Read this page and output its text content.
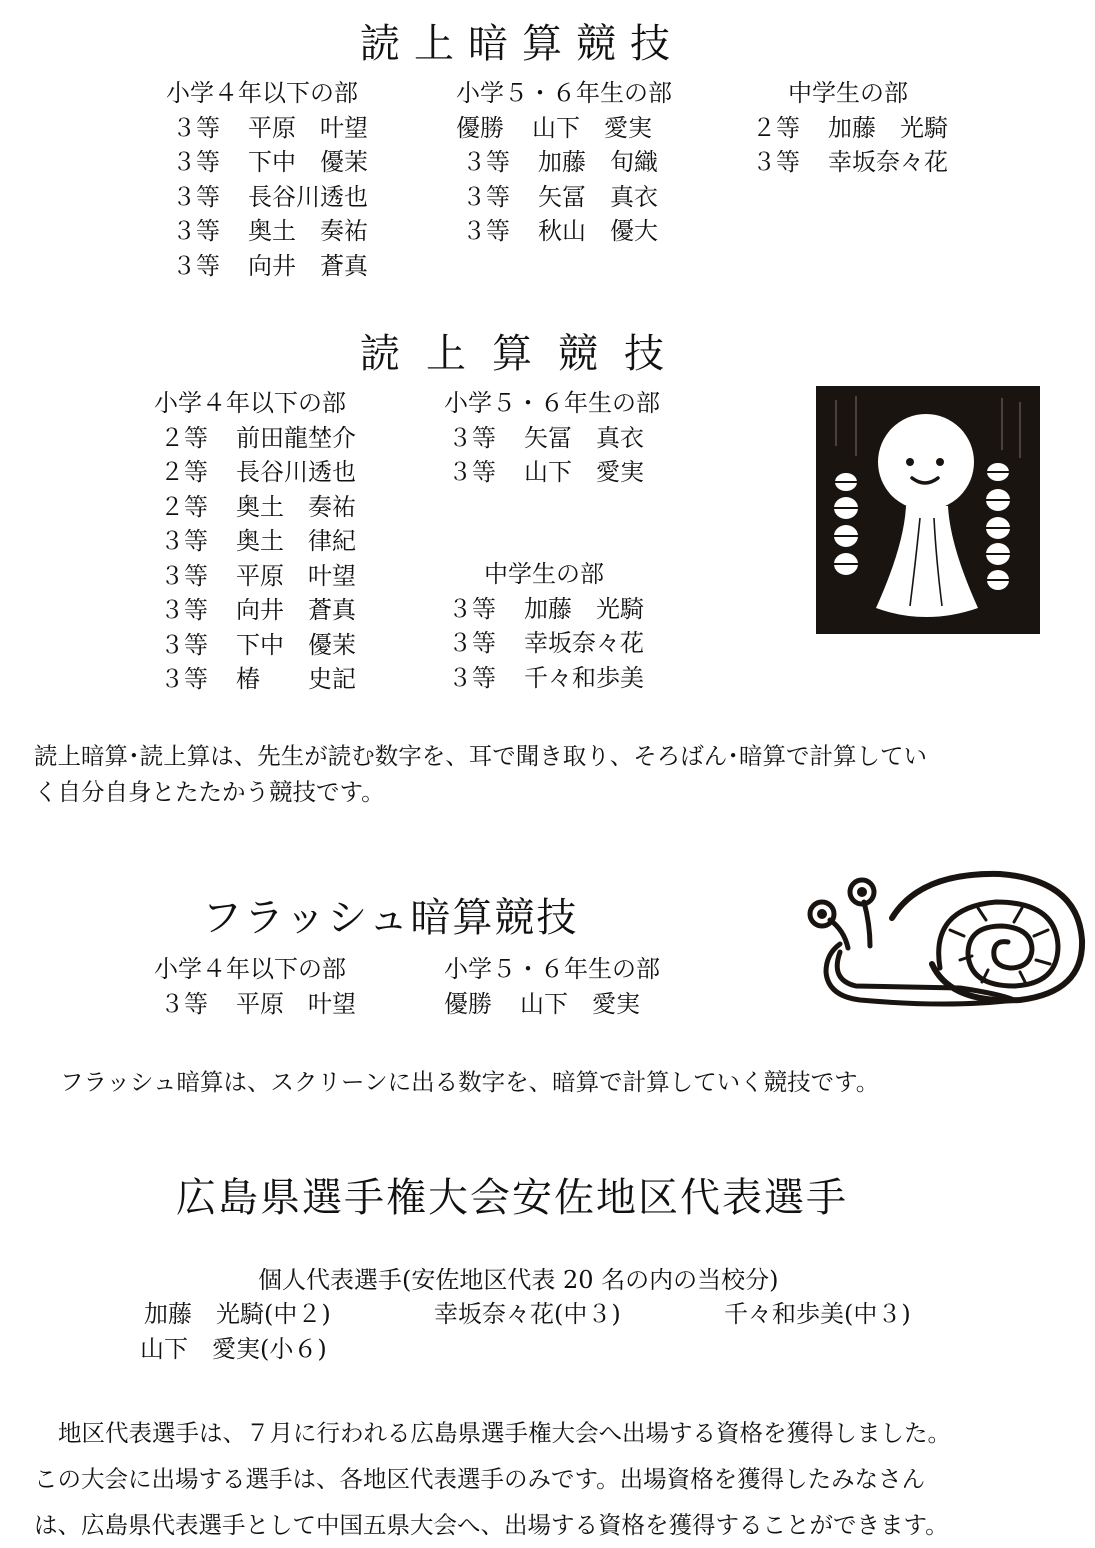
読上暗算競技
小学４年以下の部
３等 平原　叶望
３等 下中　優茉
３等 長谷川透也
３等 奥土　奏祐
３等 向井　蒼真
小学５・６年生の部
優勝 山下　愛実
３等 加藤　旬織
３等 矢冨　真衣
３等 秋山　優大
中学生の部
２等 加藤　光騎
３等 幸坂奈々花
読上算競技
小学４年以下の部
２等 前田龍埜介
２等 長谷川透也
２等 奥土　奏祐
３等 奥土　律紀
３等 平原　叶望
３等 向井　蒼真
３等 下中　優茉
３等 椿　　史記
小学５・６年生の部
３等 矢冨　真衣
３等 山下　愛実
中学生の部
３等 加藤　光騎
３等 幸坂奈々花
３等 千々和歩美
読上暗算･読上算は、先生が読む数字を、耳で聞き取り、そろばん･暗算で計算してい
く自分自身とたたかう競技です。
フラッシュ暗算競技
小学４年以下の部
３等 平原　叶望
小学５・６年生の部
優勝 山下　愛実
フラッシュ暗算は、スクリーンに出る数字を、暗算で計算していく競技です。
広島県選手権大会安佐地区代表選手
個人代表選手(安佐地区代表 20 名の内の当校分)
加藤　光騎(中２)	幸坂奈々花(中３)	千々和歩美(中３)
山下　愛実(小６)
地区代表選手は、７月に行われる広島県選手権大会へ出場する資格を獲得しました。
この大会に出場する選手は、各地区代表選手のみです。出場資格を獲得したみなさん
は、広島県代表選手として中国五県大会へ、出場する資格を獲得することができます。
